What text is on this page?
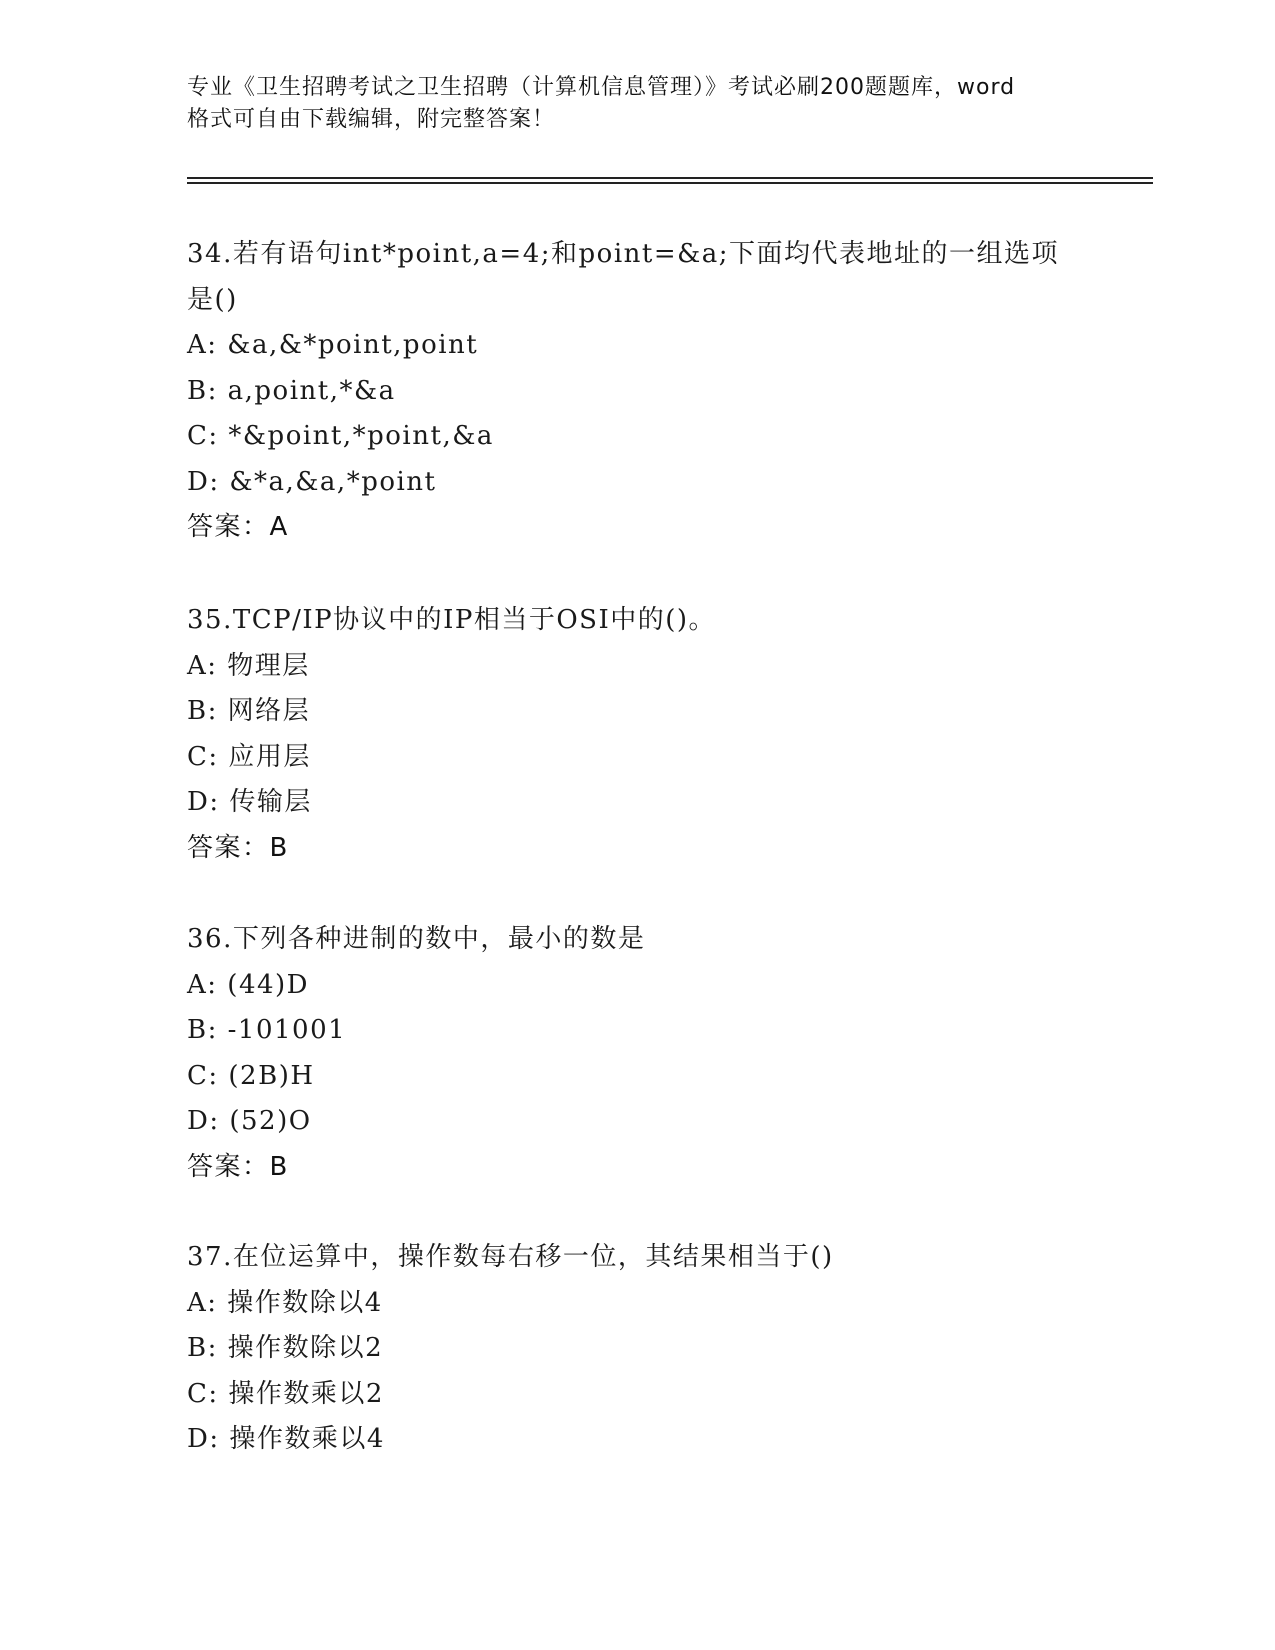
专业《卫生招聘考试之卫生招聘（计算机信息管理）》考试必刷200题题库，word
格式可自由下载编辑，附完整答案！
34.若有语句int*point,a=4;和point=&a;下面均代表地址的一组选项
是()
A: &a,&*point,point
B: a,point,*&a
C: *&point,*point,&a
D: &*a,&a,*point
答案：A
35.TCP/IP协议中的IP相当于OSI中的()。
A: 物理层
B: 网络层
C: 应用层
D: 传输层
答案：B
36.下列各种进制的数中，最小的数是
A: (44)D
B: -101001
C: (2B)H
D: (52)O
答案：B
37.在位运算中，操作数每右移一位，其结果相当于()
A: 操作数除以4
B: 操作数除以2
C: 操作数乘以2
D: 操作数乘以4
